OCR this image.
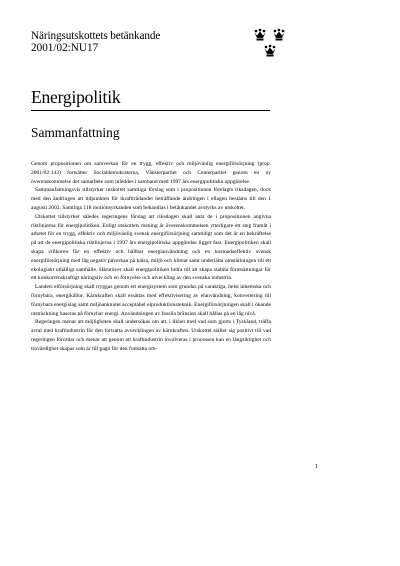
Näringsutskottets betänkande
2001/02:NU17
Energipolitik
Sammanfattning

Genom propositionen om samverkan för en trygg, effektiv och miljövänlig energiförsörjning (prop. 2001/02:143) fortsätter Socialdemokraterna, Vänsterpartiet och Centerpartiet genom en ny överenskommelse det samarbete som inleddes i samband med 1997 års energipolitiska uppgörelse.

Sammanfattningsvis tillstyrker utskottet samtliga förslag som i propositionen förelagts riksdagen, dock med den ändringen att tidpunkten för ikraftträdandet beträffande ändringen i ellagen bestäms till den 1 augusti 2002. Samtliga 118 motionsyrkanden som behandlas i betänkandet avstyrks av utskottet.

Utskottet tillstyrker således regeringens förslag att riksdagen skall anta de i propositionen angivna riktlinjerna för energipolitiken. Enligt utskottets mening är överenskommelsen ytterligare ett steg framåt i arbetet för en trygg, effektiv och miljövänlig svensk energiförsörjning samtidigt som det är en bekräftelse på att de energipolitiska riktlinjerna i 1997 års energipolitiska uppgörelse ligger fast. Energipolitiken skall skapa villkoren för en effektiv och hållbar energianvändning och en kostnadseffektiv svensk energiförsörjning med låg negativ påverkan på hälsa, miljö och klimat samt underlätta omställningen till ett ekologiskt uthålligt samhälle. Härutöver skall energipolitiken bidra till att skapa stabila förutsättningar för ett konkurrenskraftigt näringsliv och en förnyelse och utveckling av den svenska industrin.

Landets elförsörjning skall tryggas genom ett energisystem som grundas på varaktiga, helst inhemska och förnybara, energikällor. Kärnkraften skall ersättas med effektivisering av elanvändning, konvertering till förnybara energislag samt miljöanknutet acceptabel elproduktionsteknik. Energiförsörjningen skall i ökande utsträckning baseras på förnybar energi. Användningen av fossila bränslen skall hållas på en låg nivå.

Regeringen menar att möjligheten skall undersökas om att, i likhet med vad som gjorts i Tyskland, träffa avtal med kraftindustrin för den fortsatta avvecklingen av kärnkraften. Utskottet ställer sig positivt till vad regeringen förordar och menar att genom att kraftindustrin involveras i processen kan en långsiktighet och trovärdighet skapas som är till gagn för den fortsatta om-

1
